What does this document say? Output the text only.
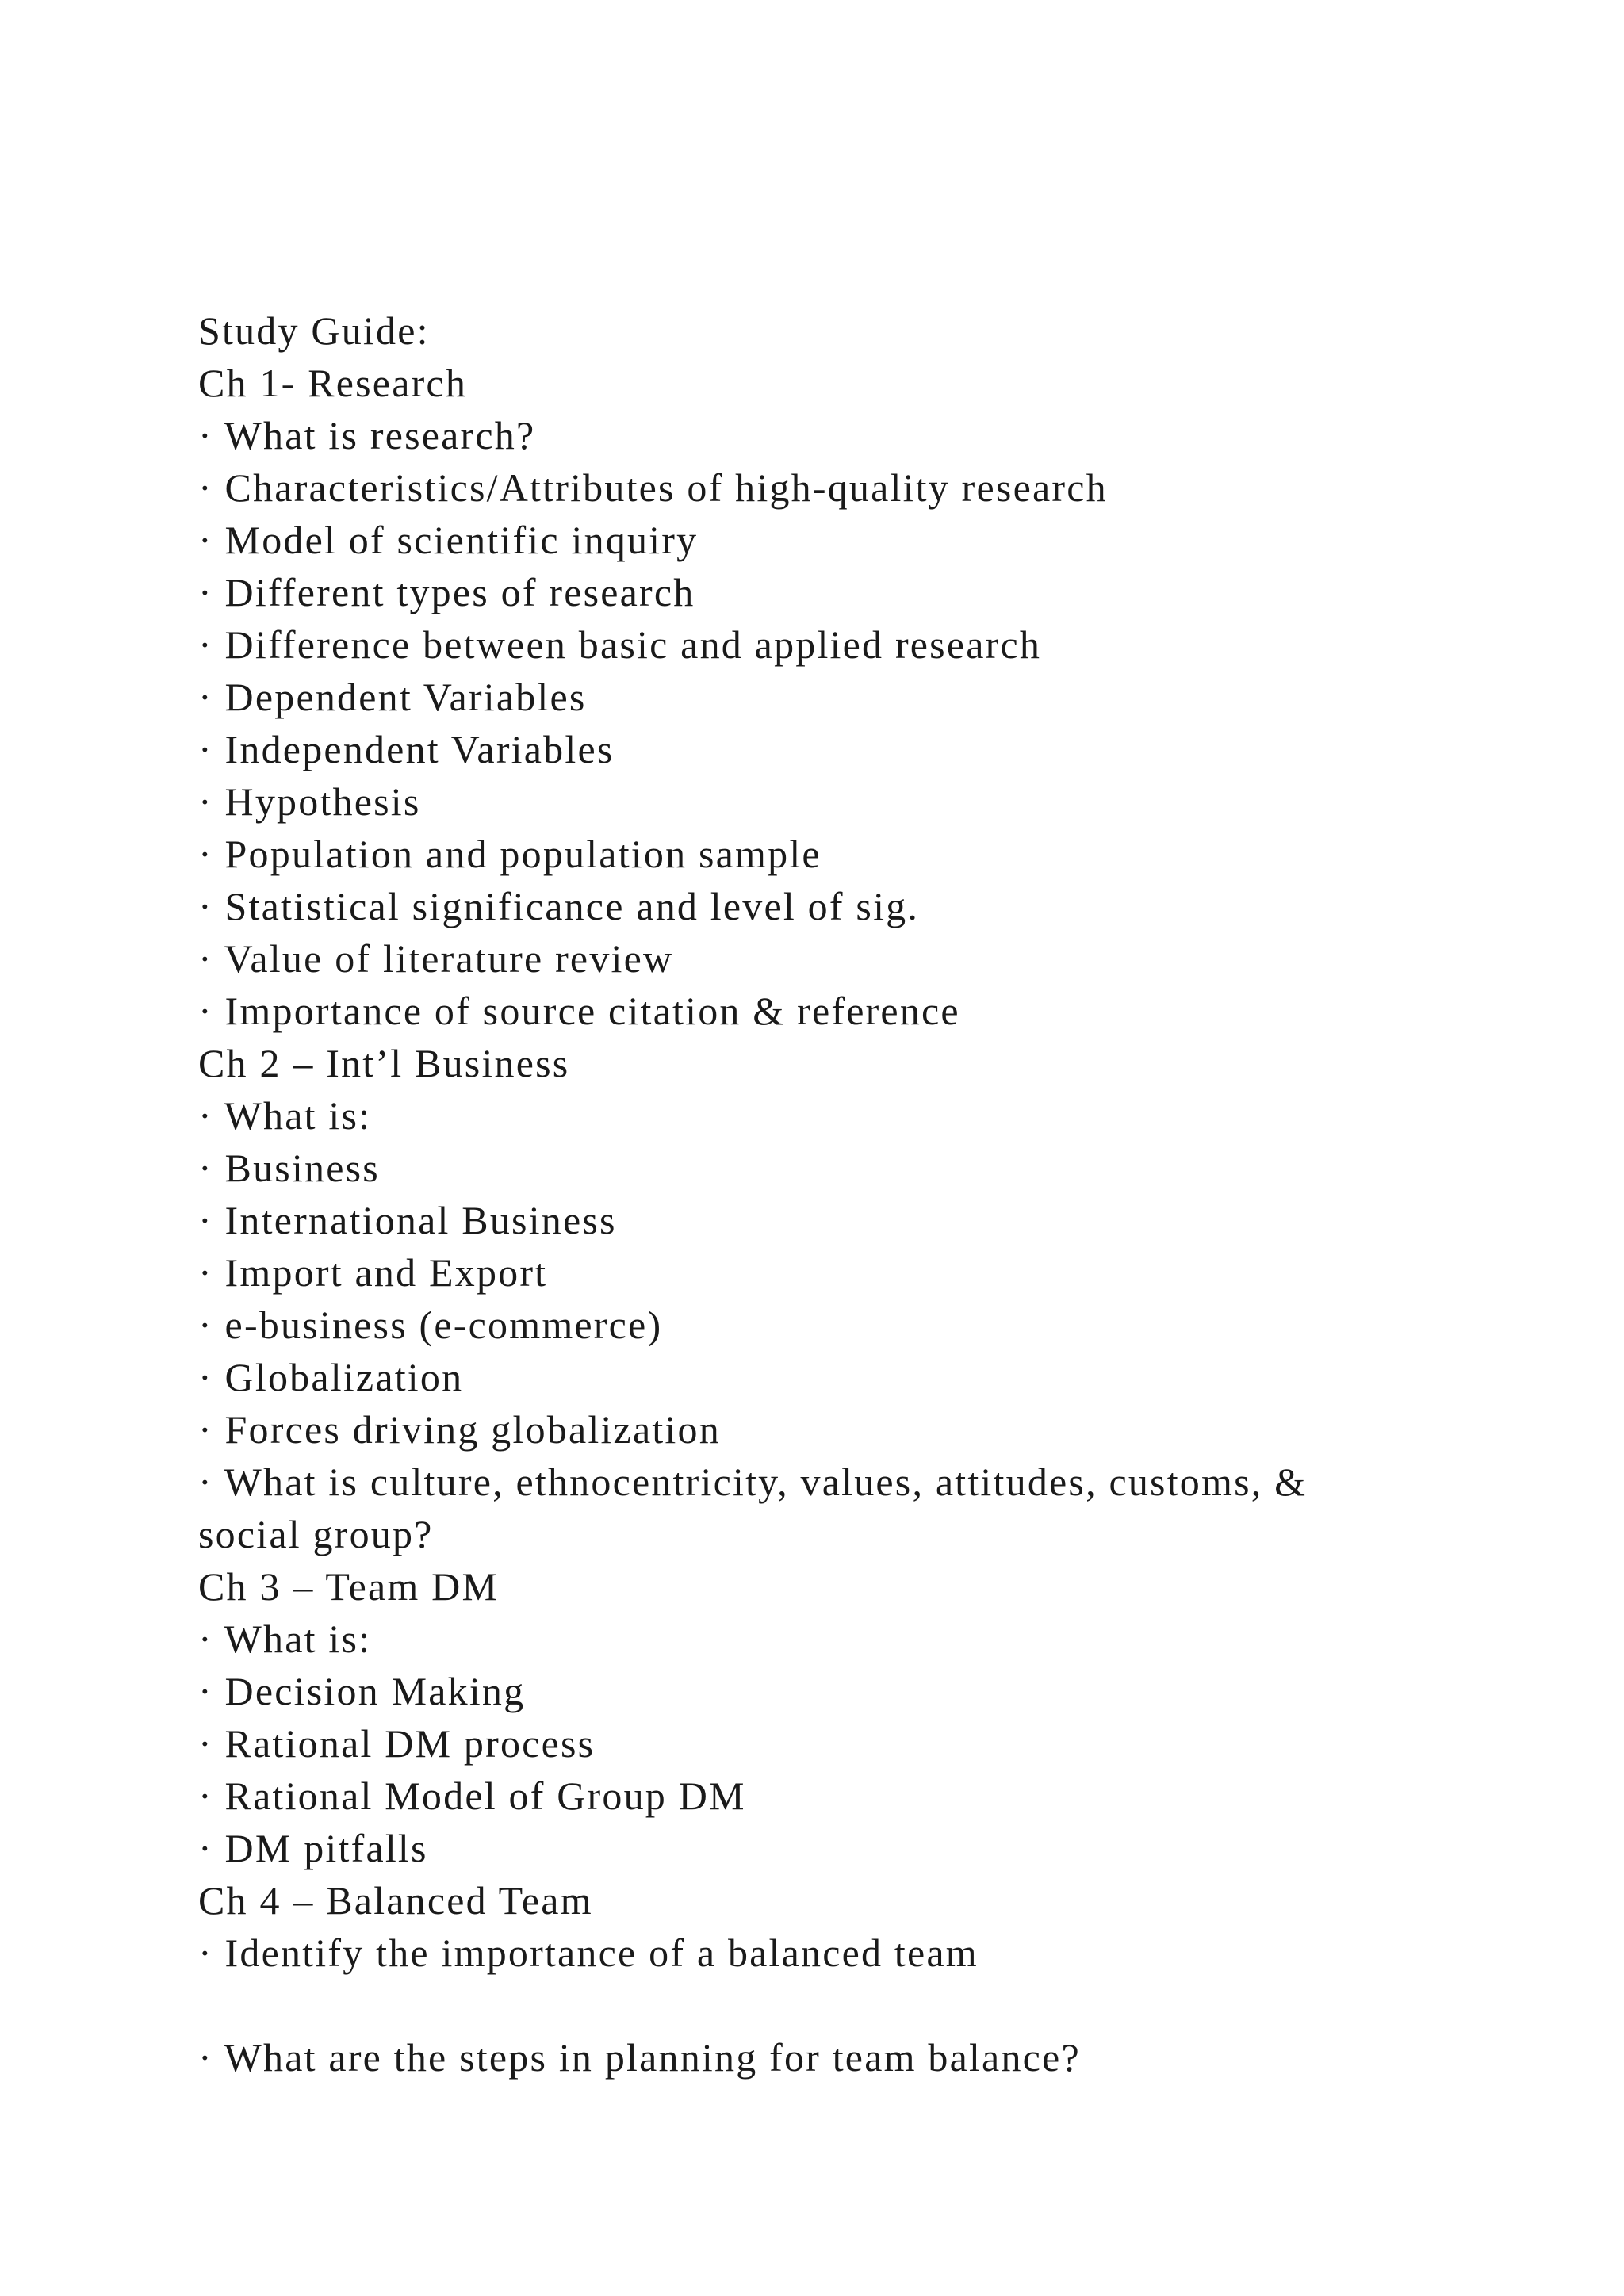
Study Guide:
Ch 1- Research
· What is research?
· Characteristics/Attributes of high-quality research
· Model of scientific inquiry
· Different types of research
· Difference between basic and applied research
· Dependent Variables
· Independent Variables
· Hypothesis
· Population and population sample
· Statistical significance and level of sig.
· Value of literature review
· Importance of source citation & reference
Ch 2 – Int’l Business
· What is:
· Business
· International Business
· Import and Export
· e-business (e-commerce)
· Globalization
· Forces driving globalization
· What is culture, ethnocentricity, values, attitudes, customs, &
social group?
Ch 3 – Team DM
· What is:
· Decision Making
· Rational DM process
· Rational Model of Group DM
· DM pitfalls
Ch 4 – Balanced Team
· Identify the importance of a balanced team
· What are the steps in planning for team balance?
